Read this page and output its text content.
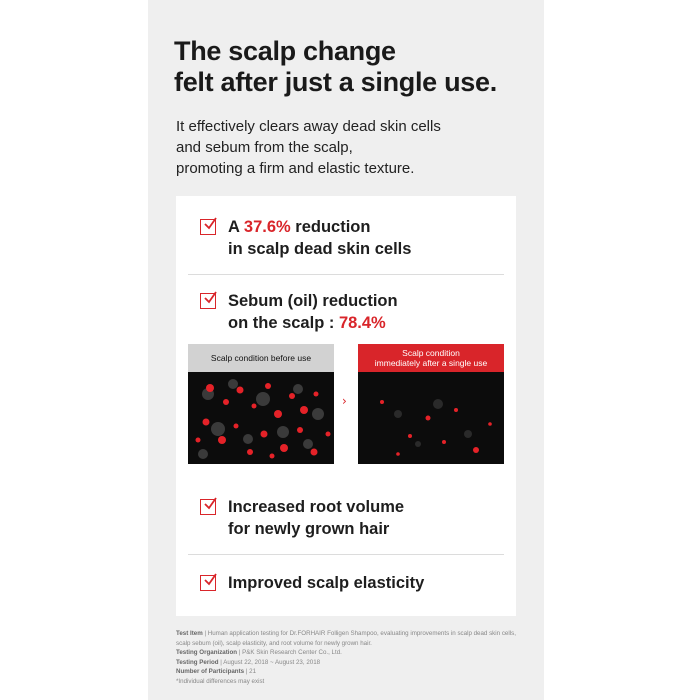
The scalp change
felt after just a single use.
It effectively clears away dead skin cells
and sebum from the scalp,
promoting a firm and elastic texture.
A 37.6% reduction
in scalp dead skin cells
Sebum (oil) reduction
on the scalp : 78.4%
Scalp condition before use
›
Scalp condition
immediately after a single use
Increased root volume
for newly grown hair
Improved scalp elasticity
Test Item | Human application testing for Dr.FORHAIR Folligen Shampoo, evaluating improvements in scalp dead skin cells, scalp sebum (oil), scalp elasticity, and root volume for newly grown hair.
Testing Organization | P&K Skin Research Center Co., Ltd.
Testing Period | August 22, 2018 ~ August 23, 2018
Number of Participants | 21
*Individual differences may exist
